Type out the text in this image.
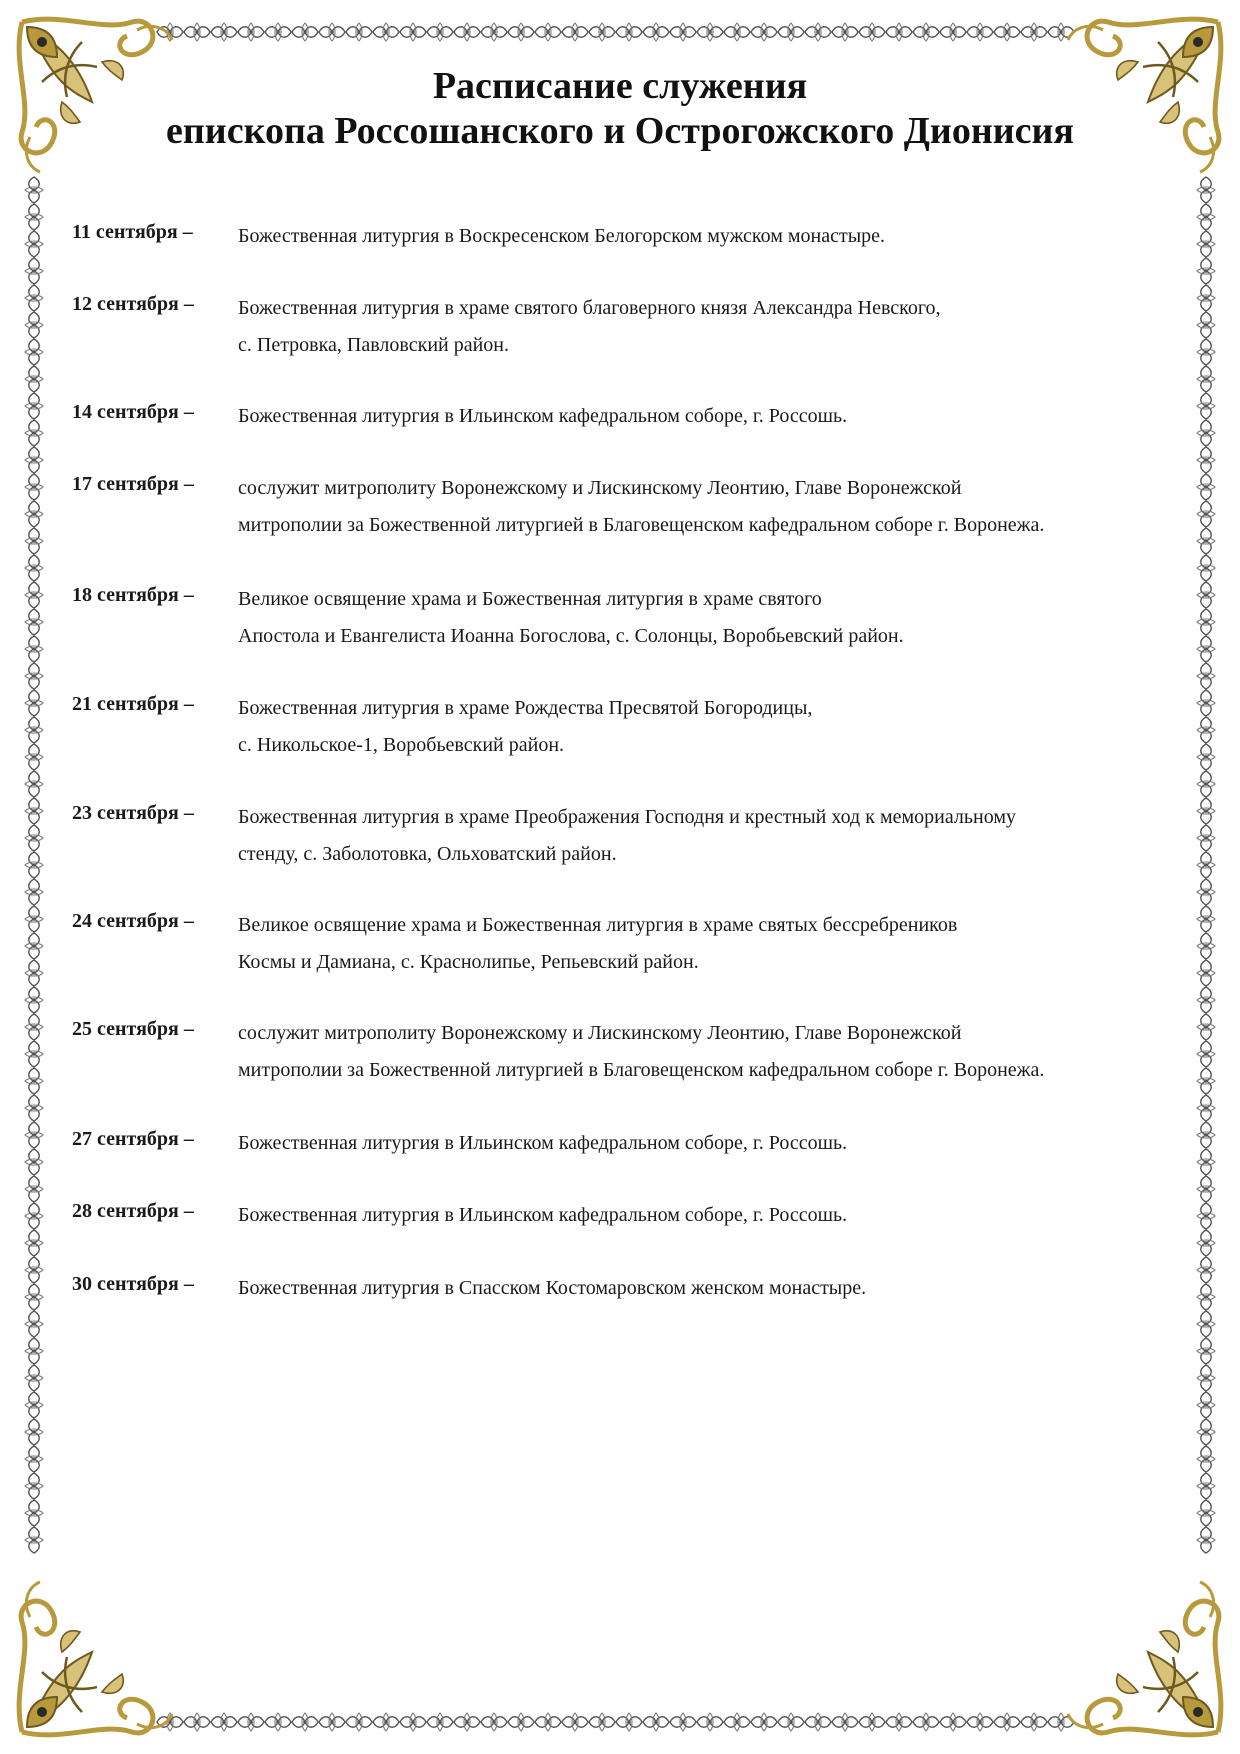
Расписание служения
епископа Россошанского и Острогожского Дионисия
11 сентября – Божественная литургия в Воскресенском Белогорском мужском монастыре.
12 сентября – Божественная литургия в храме святого благоверного князя Александра Невского,
с. Петровка, Павловский район.
14 сентября – Божественная литургия в Ильинском кафедральном соборе, г. Россошь.
17 сентября – сослужит митрополиту Воронежскому и Лискинскому Леонтию, Главе Воронежской
митрополии за Божественной литургией в Благовещенском кафедральном соборе г. Воронежа.
18 сентября – Великое освящение храма и Божественная литургия в храме святого
Апостола и Евангелиста Иоанна Богослова, с. Солонцы, Воробьевский район.
21 сентября – Божественная литургия в храме Рождества Пресвятой Богородицы,
с. Никольское-1, Воробьевский район.
23 сентября – Божественная литургия в храме Преображения Господня и крестный ход к мемориальному
стенду, с. Заболотовка, Ольховатский район.
24 сентября – Великое освящение храма и Божественная литургия в храме святых бессребреников
Космы и Дамиана, с. Краснолипье, Репьевский район.
25 сентября – сослужит митрополиту Воронежскому и Лискинскому Леонтию, Главе Воронежской
митрополии за Божественной литургией в Благовещенском кафедральном соборе г. Воронежа.
27 сентября – Божественная литургия в Ильинском кафедральном соборе, г. Россошь.
28 сентября – Божественная литургия в Ильинском кафедральном соборе, г. Россошь.
30 сентября – Божественная литургия в Спасском Костомаровском женском монастыре.
